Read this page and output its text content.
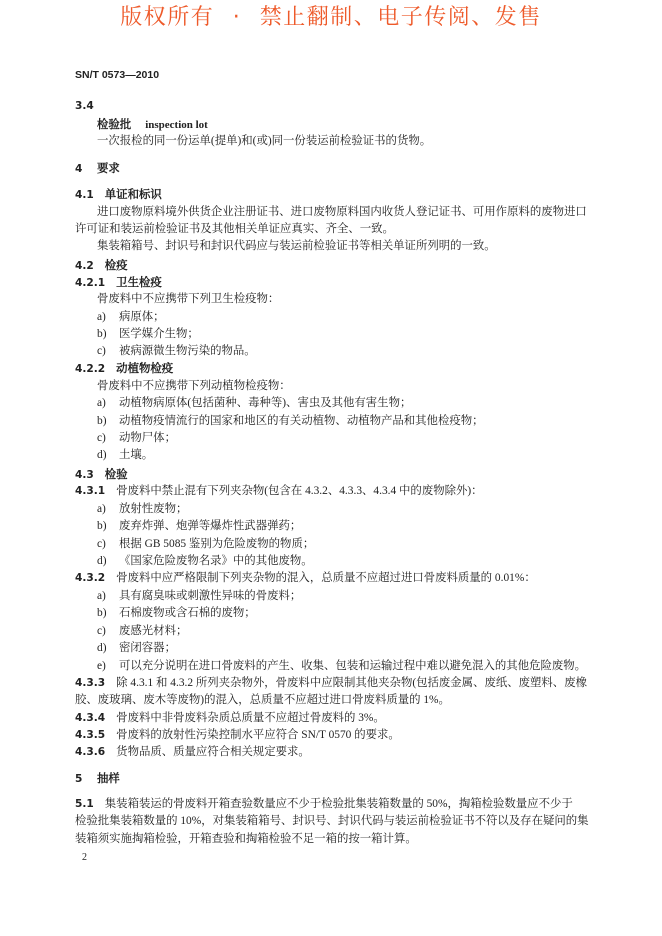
版权所有 · 禁止翻制、电子传阅、发售
SN/T 0573—2010
3.4
检验批 inspection lot
一次报检的同一份运单(提单)和(或)同一份装运前检验证书的货物。
4 要求
4.1 单证和标识
进口废物原料境外供货企业注册证书、进口废物原料国内收货人登记证书、可用作原料的废物进口
许可证和装运前检验证书及其他相关单证应真实、齐全、一致。
集装箱箱号、封识号和封识代码应与装运前检验证书等相关单证所列明的一致。
4.2 检疫
4.2.1 卫生检疫
骨废料中不应携带下列卫生检疫物：
a) 病原体；
b) 医学媒介生物；
c) 被病源微生物污染的物品。
4.2.2 动植物检疫
骨废料中不应携带下列动植物检疫物：
a) 动植物病原体(包括菌种、毒种等)、害虫及其他有害生物；
b) 动植物疫情流行的国家和地区的有关动植物、动植物产品和其他检疫物；
c) 动物尸体；
d) 土壤。
4.3 检验
4.3.1 骨废料中禁止混有下列夹杂物(包含在 4.3.2、4.3.3、4.3.4 中的废物除外)：
a) 放射性废物；
b) 废弃炸弹、炮弹等爆炸性武器弹药；
c) 根据 GB 5085 鉴别为危险废物的物质；
d) 《国家危险废物名录》中的其他废物。
4.3.2 骨废料中应严格限制下列夹杂物的混入，总质量不应超过进口骨废料质量的 0.01%：
a) 具有腐臭味或刺激性异味的骨废料；
b) 石棉废物或含石棉的废物；
c) 废感光材料；
d) 密闭容器；
e) 可以充分说明在进口骨废料的产生、收集、包装和运输过程中难以避免混入的其他危险废物。
4.3.3 除 4.3.1 和 4.3.2 所列夹杂物外，骨废料中应限制其他夹杂物(包括废金属、废纸、废塑料、废橡
胶、废玻璃、废木等废物)的混入，总质量不应超过进口骨废料质量的 1%。
4.3.4 骨废料中非骨废料杂质总质量不应超过骨废料的 3%。
4.3.5 骨废料的放射性污染控制水平应符合 SN/T 0570 的要求。
4.3.6 货物品质、质量应符合相关规定要求。
5 抽样
5.1 集装箱装运的骨废料开箱查验数量应不少于检验批集装箱数量的 50%，掏箱检验数量应不少于
检验批集装箱数量的 10%，对集装箱箱号、封识号、封识代码与装运前检验证书不符以及存在疑问的集
装箱须实施掏箱检验，开箱查验和掏箱检验不足一箱的按一箱计算。
2
